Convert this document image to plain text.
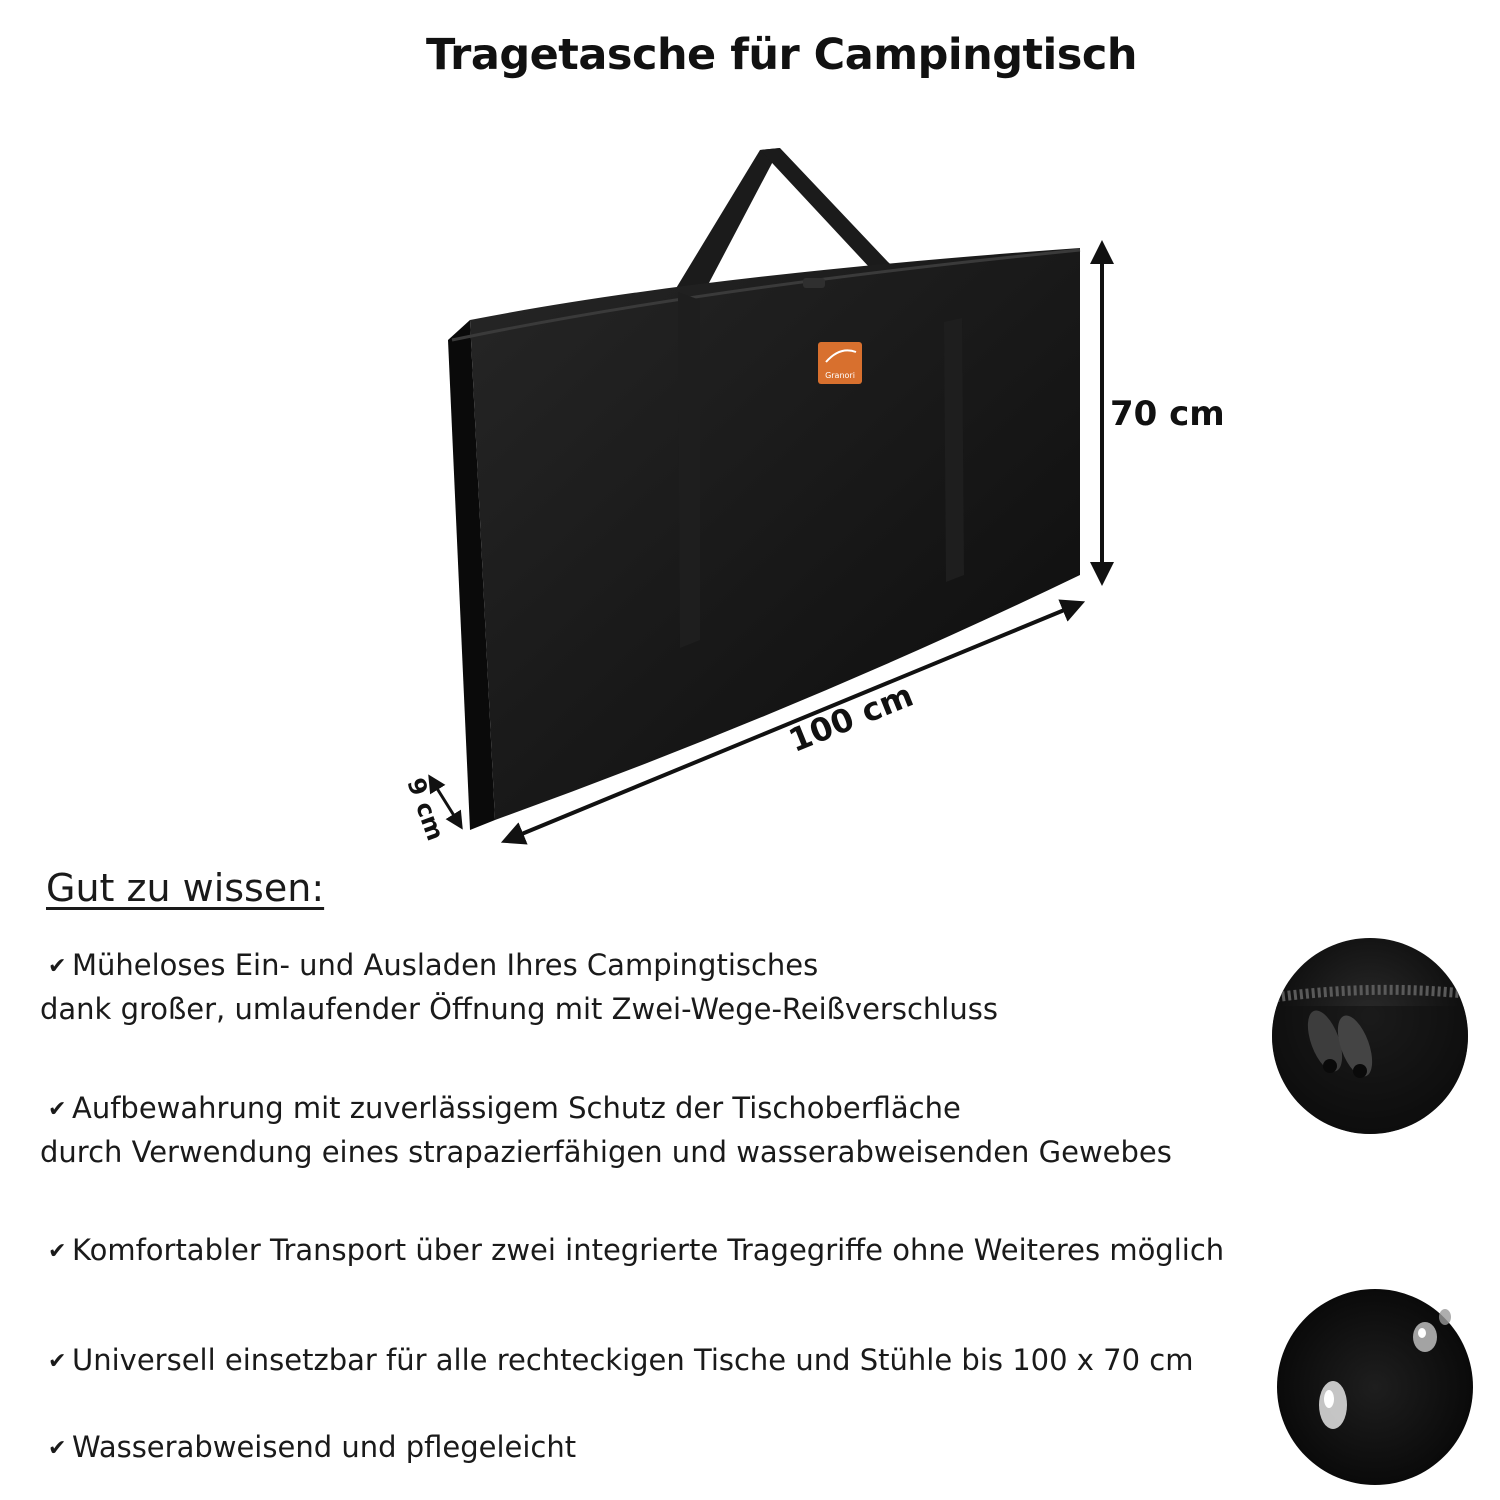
Tragetasche für Campingtisch
Granori
70 cm
100 cm
9 cm
Gut zu wissen:
✔ Müheloses Ein- und Ausladen Ihres Campingtisches
dank großer, umlaufender Öffnung mit Zwei-Wege-Reißverschluss
✔ Aufbewahrung mit zuverlässigem Schutz der Tischoberfläche
durch Verwendung eines strapazierfähigen und wasserabweisenden Gewebes
✔ Komfortabler Transport über zwei integrierte Tragegriffe ohne Weiteres möglich
✔ Universell einsetzbar für alle rechteckigen Tische und Stühle bis 100 x 70 cm
✔ Wasserabweisend und pflegeleicht
